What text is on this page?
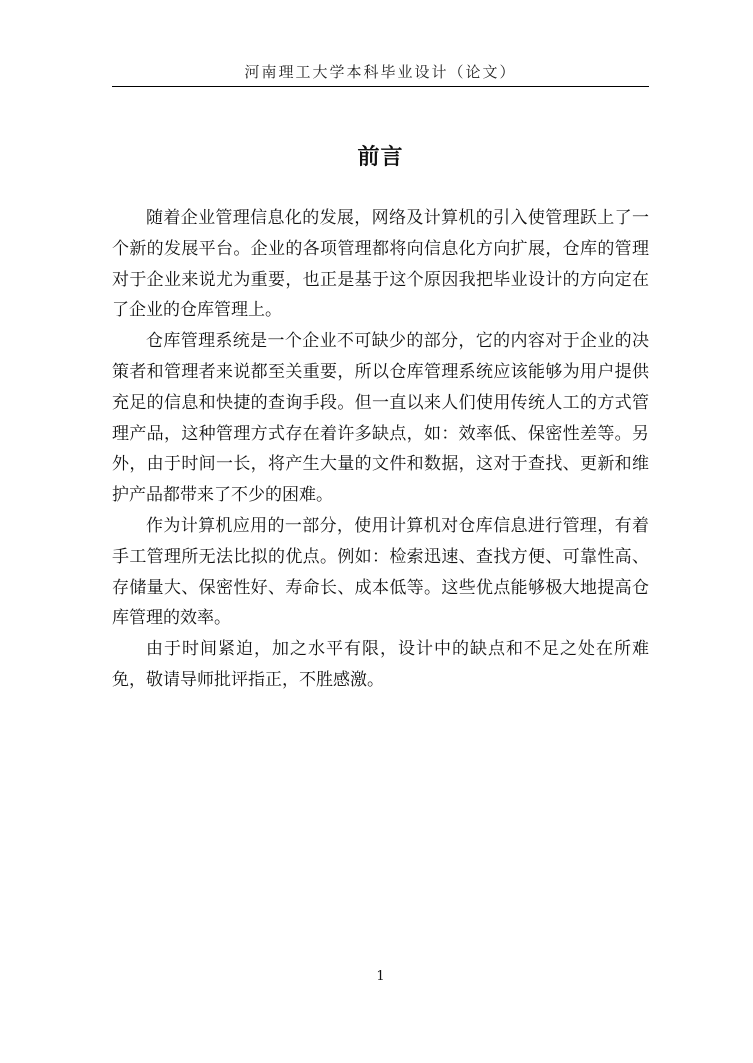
河南理工大学本科毕业设计（论文）
前言

随着企业管理信息化的发展，网络及计算机的引入使管理跃上了一个新的发展平台。企业的各项管理都将向信息化方向扩展，仓库的管理对于企业来说尤为重要，也正是基于这个原因我把毕业设计的方向定在了企业的仓库管理上。

仓库管理系统是一个企业不可缺少的部分，它的内容对于企业的决策者和管理者来说都至关重要，所以仓库管理系统应该能够为用户提供充足的信息和快捷的查询手段。但一直以来人们使用传统人工的方式管理产品，这种管理方式存在着许多缺点，如：效率低、保密性差等。另外，由于时间一长，将产生大量的文件和数据，这对于查找、更新和维护产品都带来了不少的困难。

作为计算机应用的一部分，使用计算机对仓库信息进行管理，有着手工管理所无法比拟的优点。例如：检索迅速、查找方便、可靠性高、存储量大、保密性好、寿命长、成本低等。这些优点能够极大地提高仓库管理的效率。

由于时间紧迫，加之水平有限，设计中的缺点和不足之处在所难免，敬请导师批评指正，不胜感激。

1
